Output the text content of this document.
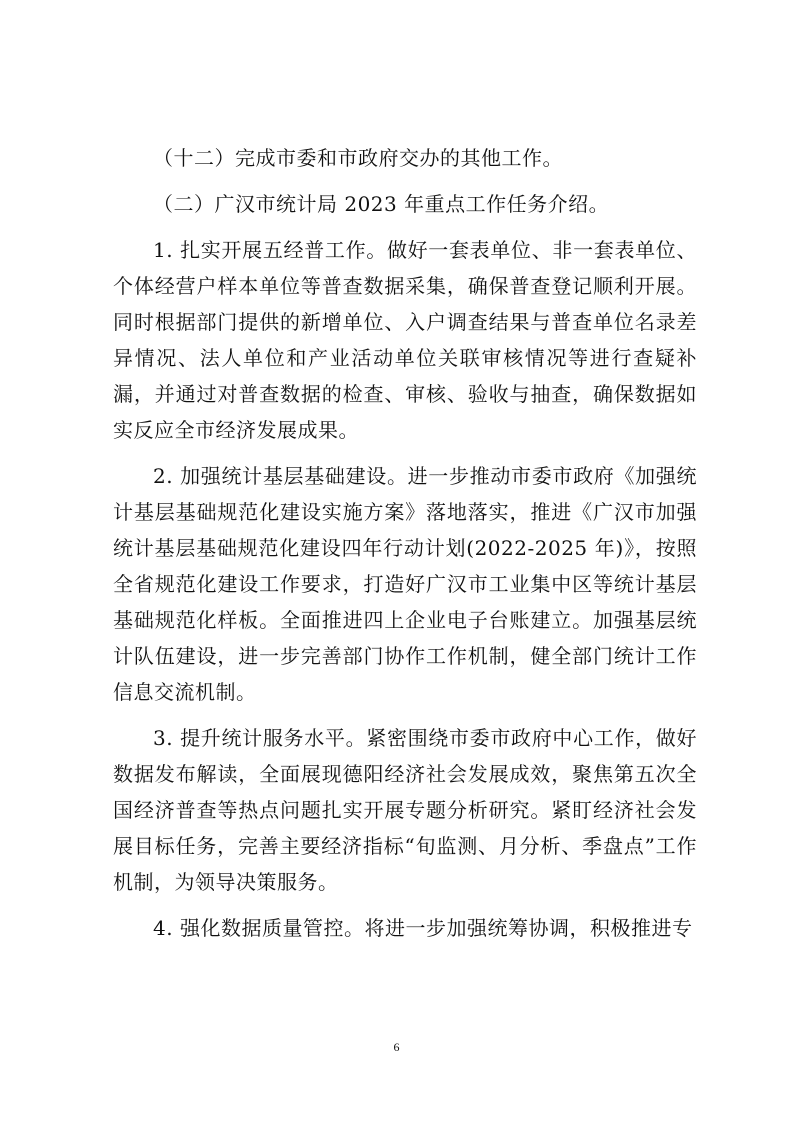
（十二）完成市委和市政府交办的其他工作。

（二）广汉市统计局 2023 年重点工作任务介绍。

1. 扎实开展五经普工作。做好一套表单位、非一套表单位、个体经营户样本单位等普查数据采集，确保普查登记顺利开展。同时根据部门提供的新增单位、入户调查结果与普查单位名录差异情况、法人单位和产业活动单位关联审核情况等进行查疑补漏，并通过对普查数据的检查、审核、验收与抽查，确保数据如实反应全市经济发展成果。

2. 加强统计基层基础建设。进一步推动市委市政府《加强统计基层基础规范化建设实施方案》落地落实，推进《广汉市加强统计基层基础规范化建设四年行动计划(2022-2025 年)》，按照全省规范化建设工作要求，打造好广汉市工业集中区等统计基层基础规范化样板。全面推进四上企业电子台账建立。加强基层统计队伍建设，进一步完善部门协作工作机制，健全部门统计工作信息交流机制。

3. 提升统计服务水平。紧密围绕市委市政府中心工作，做好数据发布解读，全面展现德阳经济社会发展成效，聚焦第五次全国经济普查等热点问题扎实开展专题分析研究。紧盯经济社会发展目标任务，完善主要经济指标“旬监测、月分析、季盘点”工作机制，为领导决策服务。

4. 强化数据质量管控。将进一步加强统筹协调，积极推进专

6
